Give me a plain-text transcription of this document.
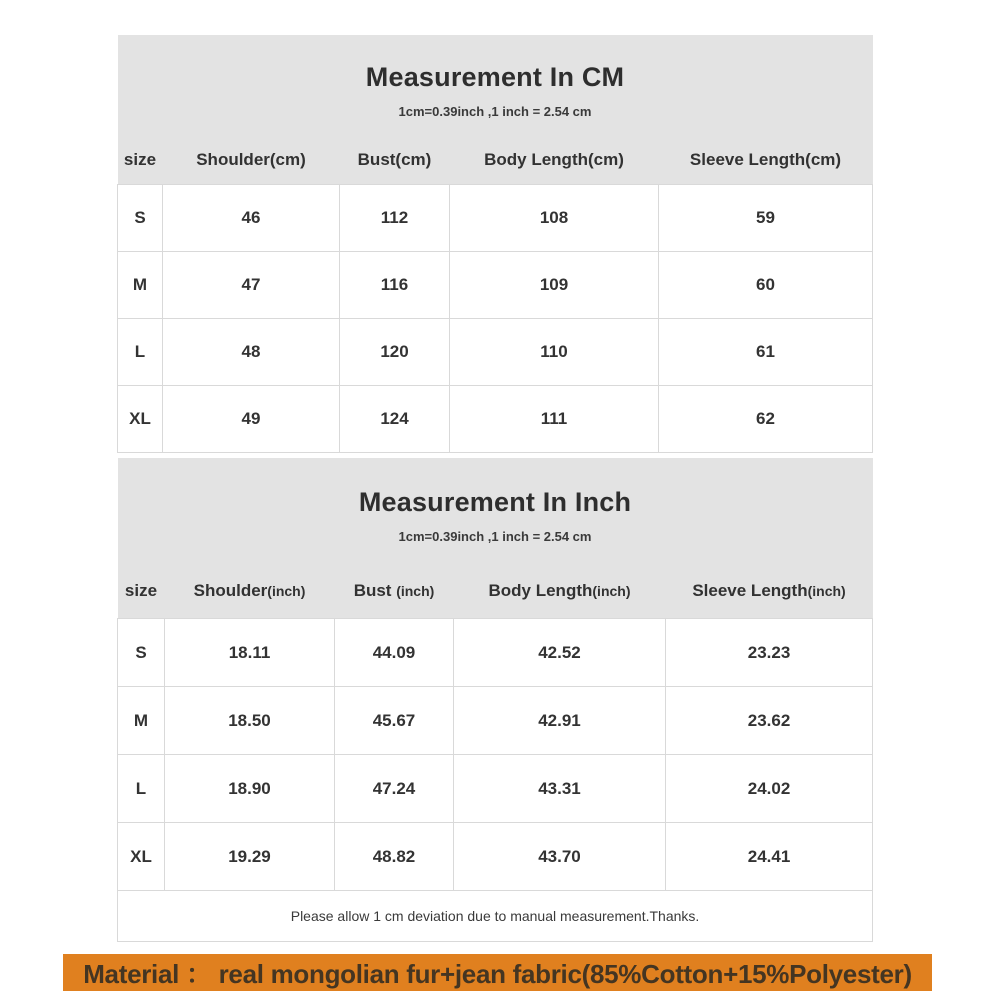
Measurement In CM
1cm=0.39inch ,1 inch = 2.54 cm				

size	Shoulder(cm)	Bust(cm)	Body Length(cm)	Sleeve Length(cm)
S	46	112	108	59
M	47	116	109	60
L	48	120	110	61
XL	49	124	111	62
Measurement In Inch
1cm=0.39inch ,1 inch = 2.54 cm				

size	Shoulder(inch)	Bust (inch)	Body Length(inch)	Sleeve Length(inch)
S	18.11	44.09	42.52	23.23
M	18.50	45.67	42.91	23.62
L	18.90	47.24	43.31	24.02
XL	19.29	48.82	43.70	24.41
Please allow 1 cm deviation due to manual measurement.Thanks.				
Material ： real mongolian fur+jean fabric(85%Cotton+15%Polyester)
